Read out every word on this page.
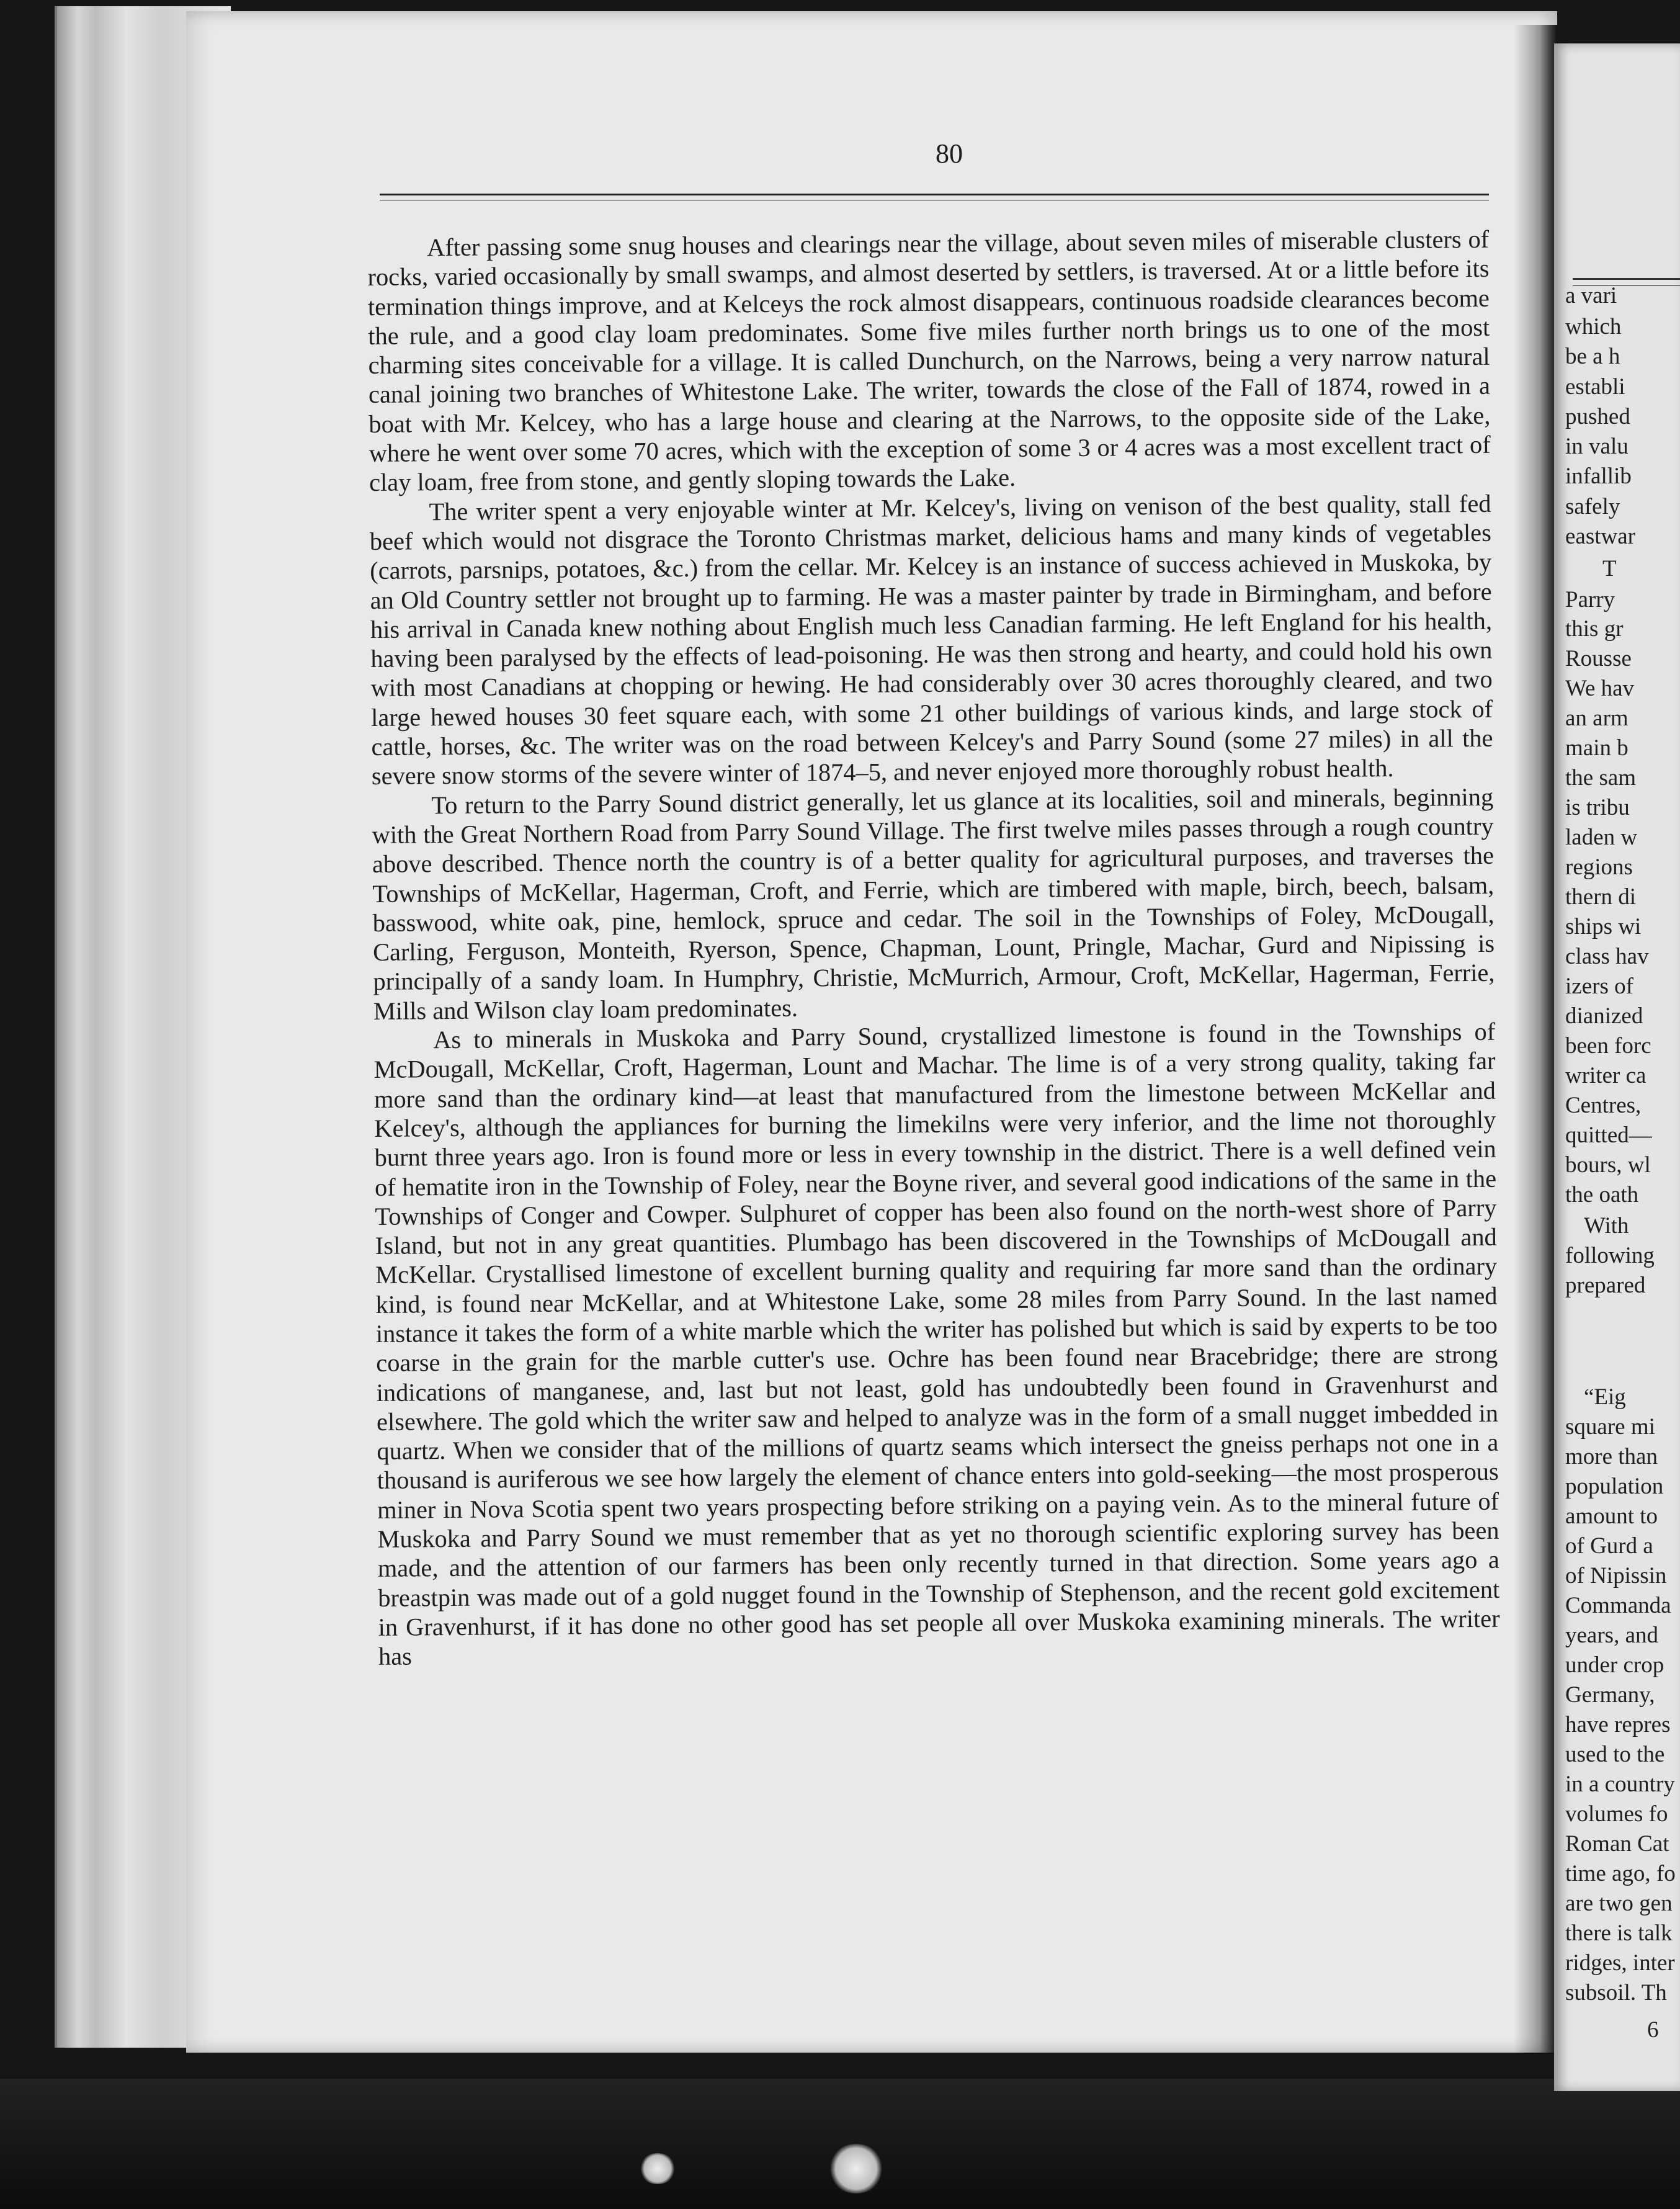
80

After passing some snug houses and clearings near the village, about seven miles of miserable clusters of rocks, varied occasionally by small swamps, and almost deserted by settlers, is traversed. At or a little before its termination things improve, and at Kelceys the rock almost disappears, continuous roadside clearances become the rule, and a good clay loam predominates. Some five miles further north brings us to one of the most charming sites conceivable for a village. It is called Dunchurch, on the Narrows, being a very narrow natural canal joining two branches of Whitestone Lake. The writer, towards the close of the Fall of 1874, rowed in a boat with Mr. Kelcey, who has a large house and clearing at the Narrows, to the opposite side of the Lake, where he went over some 70 acres, which with the exception of some 3 or 4 acres was a most excellent tract of clay loam, free from stone, and gently sloping towards the Lake.

The writer spent a very enjoyable winter at Mr. Kelcey's, living on venison of the best quality, stall fed beef which would not disgrace the Toronto Christmas market, delicious hams and many kinds of vegetables (carrots, parsnips, potatoes, &c.) from the cellar. Mr. Kelcey is an instance of success achieved in Muskoka, by an Old Country settler not brought up to farming. He was a master painter by trade in Birmingham, and before his arrival in Canada knew nothing about English much less Canadian farming. He left England for his health, having been paralysed by the effects of lead-poisoning. He was then strong and hearty, and could hold his own with most Canadians at chopping or hewing. He had considerably over 30 acres thoroughly cleared, and two large hewed houses 30 feet square each, with some 21 other buildings of various kinds, and large stock of cattle, horses, &c. The writer was on the road between Kelcey's and Parry Sound (some 27 miles) in all the severe snow storms of the severe winter of 1874–5, and never enjoyed more thoroughly robust health.

To return to the Parry Sound district generally, let us glance at its localities, soil and minerals, beginning with the Great Northern Road from Parry Sound Village. The first twelve miles passes through a rough country above described. Thence north the country is of a better quality for agricultural purposes, and traverses the Townships of McKellar, Hagerman, Croft, and Ferrie, which are timbered with maple, birch, beech, balsam, basswood, white oak, pine, hemlock, spruce and cedar. The soil in the Townships of Foley, McDougall, Carling, Ferguson, Monteith, Ryerson, Spence, Chapman, Lount, Pringle, Machar, Gurd and Nipissing is principally of a sandy loam. In Humphry, Christie, McMurrich, Armour, Croft, McKellar, Hagerman, Ferrie, Mills and Wilson clay loam predominates.

As to minerals in Muskoka and Parry Sound, crystallized limestone is found in the Townships of McDougall, McKellar, Croft, Hagerman, Lount and Machar. The lime is of a very strong quality, taking far more sand than the ordinary kind—at least that manufactured from the limestone between McKellar and Kelcey's, although the appliances for burning the limekilns were very inferior, and the lime not thoroughly burnt three years ago. Iron is found more or less in every township in the district. There is a well defined vein of hematite iron in the Township of Foley, near the Boyne river, and several good indications of the same in the Townships of Conger and Cowper. Sulphuret of copper has been also found on the north-west shore of Parry Island, but not in any great quantities. Plumbago has been discovered in the Townships of McDougall and McKellar. Crystallised limestone of excellent burning quality and requiring far more sand than the ordinary kind, is found near McKellar, and at Whitestone Lake, some 28 miles from Parry Sound. In the last named instance it takes the form of a white marble which the writer has polished but which is said by experts to be too coarse in the grain for the marble cutter's use. Ochre has been found near Bracebridge; there are strong indications of manganese, and, last but not least, gold has undoubtedly been found in Gravenhurst and elsewhere. The gold which the writer saw and helped to analyze was in the form of a small nugget imbedded in quartz. When we consider that of the millions of quartz seams which intersect the gneiss perhaps not one in a thousand is auriferous we see how largely the element of chance enters into gold-seeking—the most prosperous miner in Nova Scotia spent two years prospecting before striking on a paying vein. As to the mineral future of Muskoka and Parry Sound we must remember that as yet no thorough scientific exploring survey has been made, and the attention of our farmers has been only recently turned in that direction. Some years ago a breastpin was made out of a gold nugget found in the Township of Stephenson, and the recent gold excitement in Gravenhurst, if it has done no other good has set people all over Muskoka examining minerals. The writer has

a vari
which
be a h
establi
pushed
in valu
infallib
safely
eastwar
T
Parry
this gr
Rousse
We hav
an arm
main b
the sam
is tribu
laden w
regions
thern di
ships wi
class hav
izers of
dianized
been forc
writer ca
Centres,
quitted—
bours, wl
the oath
With
following
prepared
“Eig
square mi
more than
population
amount to
of Gurd a
of Nipissin
Commanda
years, and
under crop
Germany,
have repres
used to the
in a country
volumes fo
Roman Cat
time ago, fo
are two gen
there is talk
ridges, inter
subsoil. Th
6
